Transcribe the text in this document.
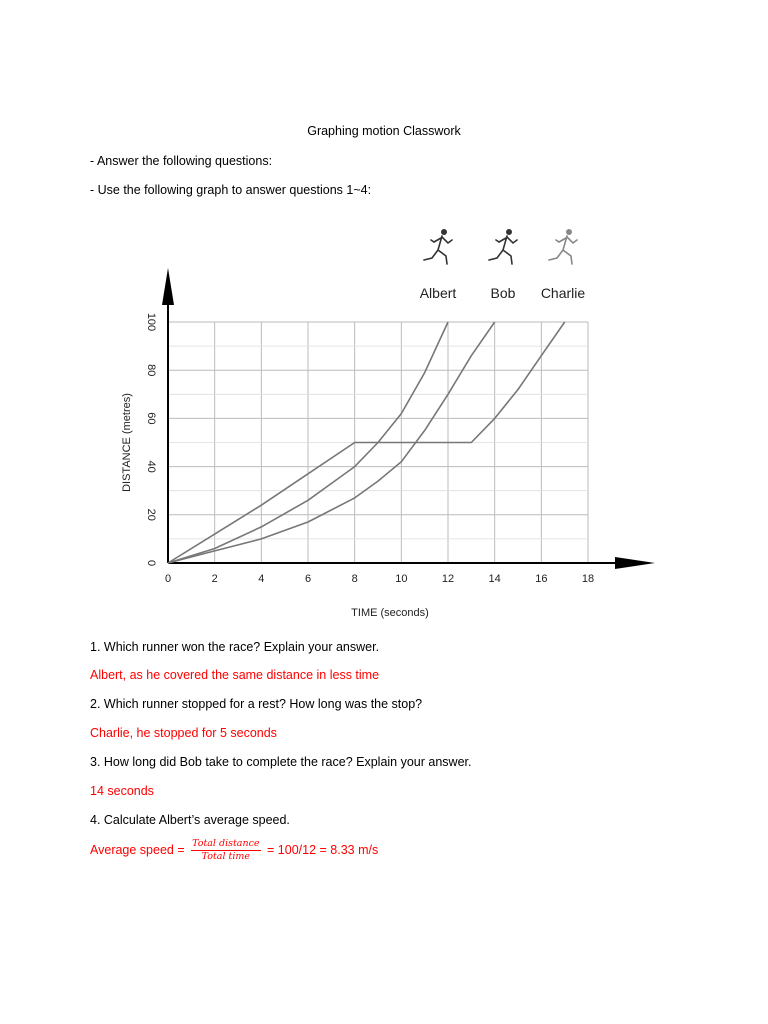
Graphing motion Classwork
- Answer the following questions:
- Use the following graph to answer questions 1~4:
0	2	4	6	8	10	12	14	16	18
0
20
40
60
80
100
TIME (seconds)
DISTANCE (metres)
Albert Bob Charlie
1. Which runner won the race? Explain your answer.
Albert, as he covered the same distance in less time
2. Which runner stopped for a rest? How long was the stop?
Charlie, he stopped for 5 seconds
3. How long did Bob take to complete the race? Explain your answer.
14 seconds
4. Calculate Albert’s average speed.
Average speed = $\frac{\text{Total distance}}{\text{Total time}} = 100/12 = 8.33$ m/s
